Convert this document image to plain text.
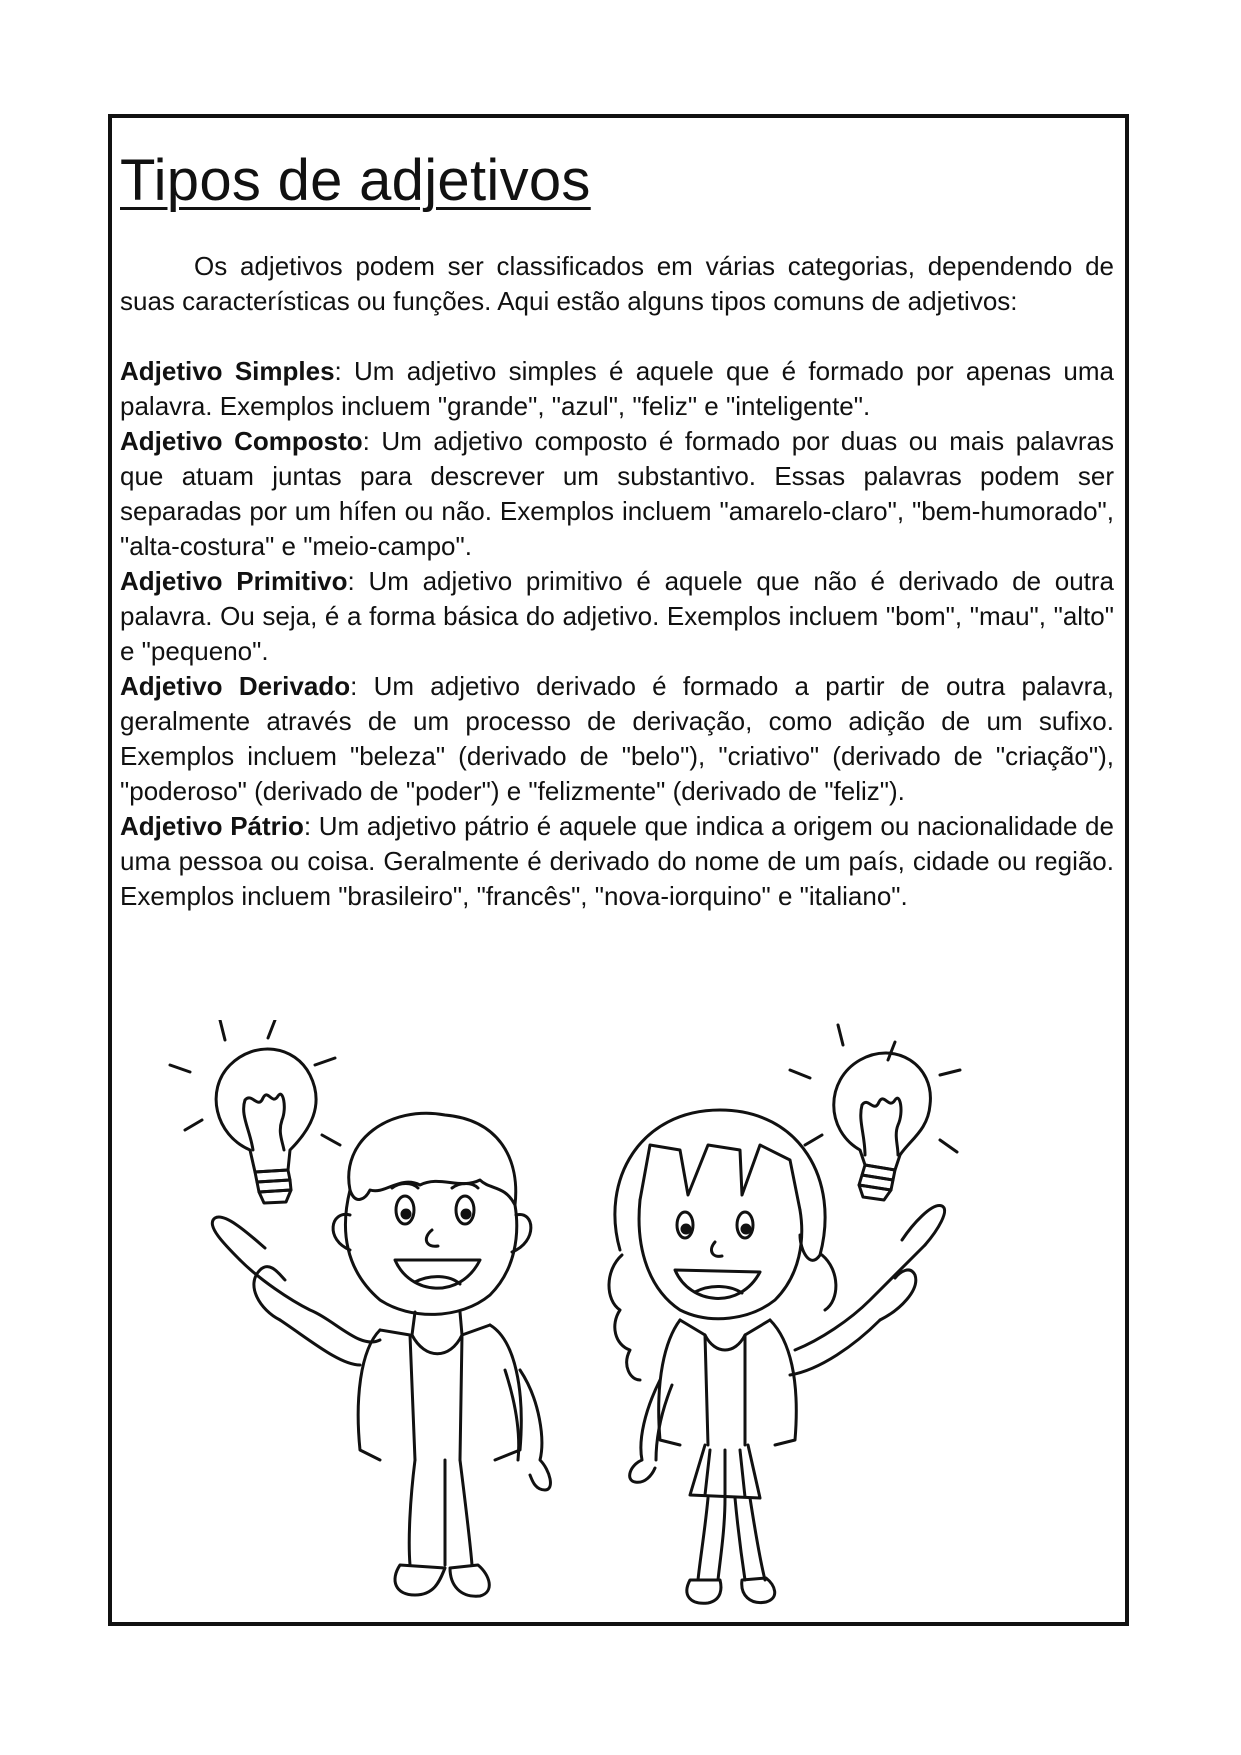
Tipos de adjetivos

Os adjetivos podem ser classificados em várias categorias, dependendo de suas características ou funções. Aqui estão alguns tipos comuns de adjetivos:

Adjetivo Simples: Um adjetivo simples é aquele que é formado por apenas uma palavra. Exemplos incluem "grande", "azul", "feliz" e "inteligente".

Adjetivo Composto: Um adjetivo composto é formado por duas ou mais palavras que atuam juntas para descrever um substantivo. Essas palavras podem ser separadas por um hífen ou não. Exemplos incluem "amarelo-claro", "bem-humorado", "alta-costura" e "meio-campo".

Adjetivo Primitivo: Um adjetivo primitivo é aquele que não é derivado de outra palavra. Ou seja, é a forma básica do adjetivo. Exemplos incluem "bom", "mau", "alto" e "pequeno".

Adjetivo Derivado: Um adjetivo derivado é formado a partir de outra palavra, geralmente através de um processo de derivação, como adição de um sufixo. Exemplos incluem "beleza" (derivado de "belo"), "criativo" (derivado de "criação"), "poderoso" (derivado de "poder") e "felizmente" (derivado de "feliz").

Adjetivo Pátrio: Um adjetivo pátrio é aquele que indica a origem ou nacionalidade de uma pessoa ou coisa. Geralmente é derivado do nome de um país, cidade ou região. Exemplos incluem "brasileiro", "francês", "nova-iorquino" e "italiano".
